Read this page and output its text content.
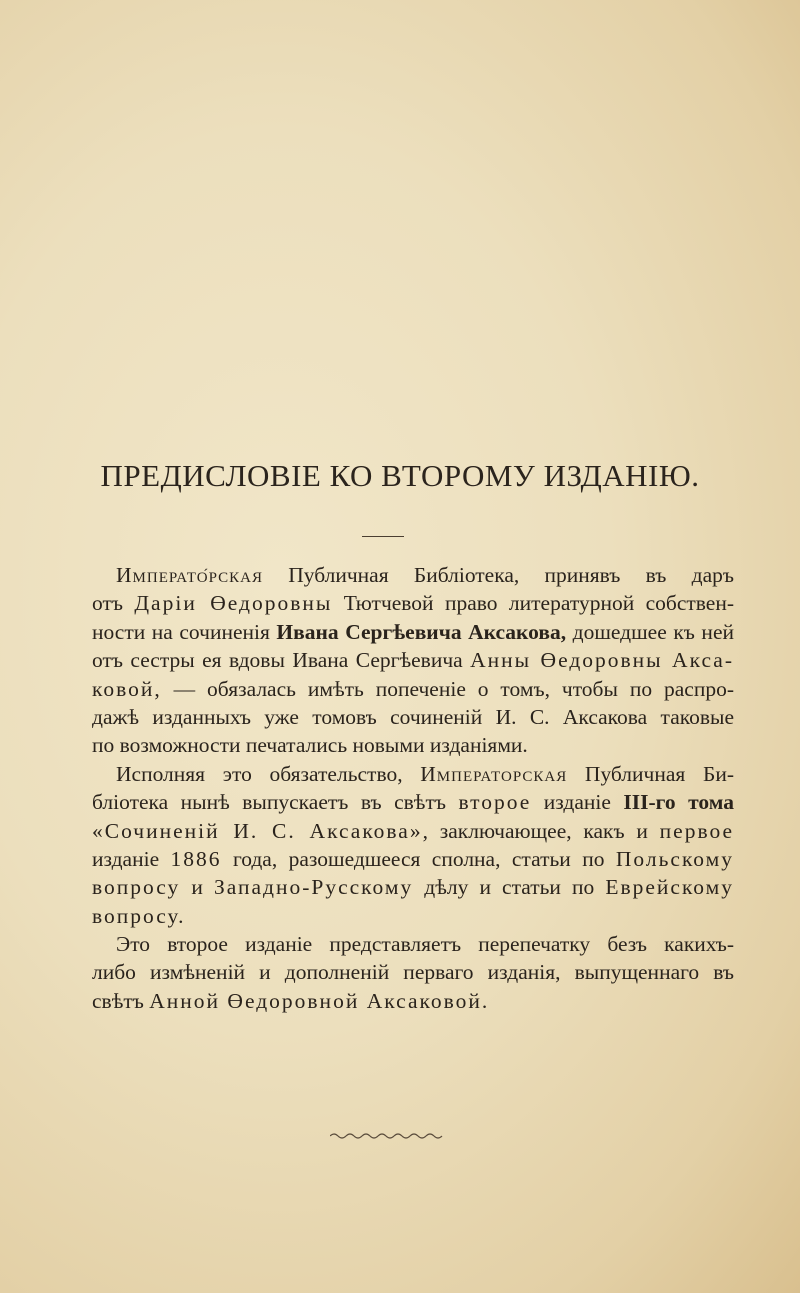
ПРЕДИСЛОВІЕ КО ВТОРОМУ ИЗДАНІЮ.
Императо́рская Публичная Библіотека, принявъ въ даръ
отъ Даріи Өедоровны Тютчевой право литературной собствен-
ности на сочиненія Ивана Сергѣевича Аксакова, дошедшее къ ней
отъ сестры ея вдовы Ивана Сергѣевича Анны Өедоровны Акса-
ковой, — обязалась имѣть попеченіе о томъ, чтобы по распро-
дажѣ изданныхъ уже томовъ сочиненій И. С. Аксакова таковые
по возможности печатались новыми изданіями.
Исполняя это обязательство, Императорская Публичная Би-
бліотека нынѣ выпускаетъ въ свѣтъ второе изданіе III-го тома
«Сочиненій И. С. Аксакова», заключающее, какъ и первое
изданіе 1886 года, разошедшееся сполна, статьи по Польскому
вопросу и Западно-Русскому дѣлу и статьи по Еврейскому
вопросу.
Это второе изданіе представляетъ перепечатку безъ какихъ-
либо измѣненій и дополненій перваго изданія, выпущеннаго въ
свѣтъ Анной Өедоровной Аксаковой.
